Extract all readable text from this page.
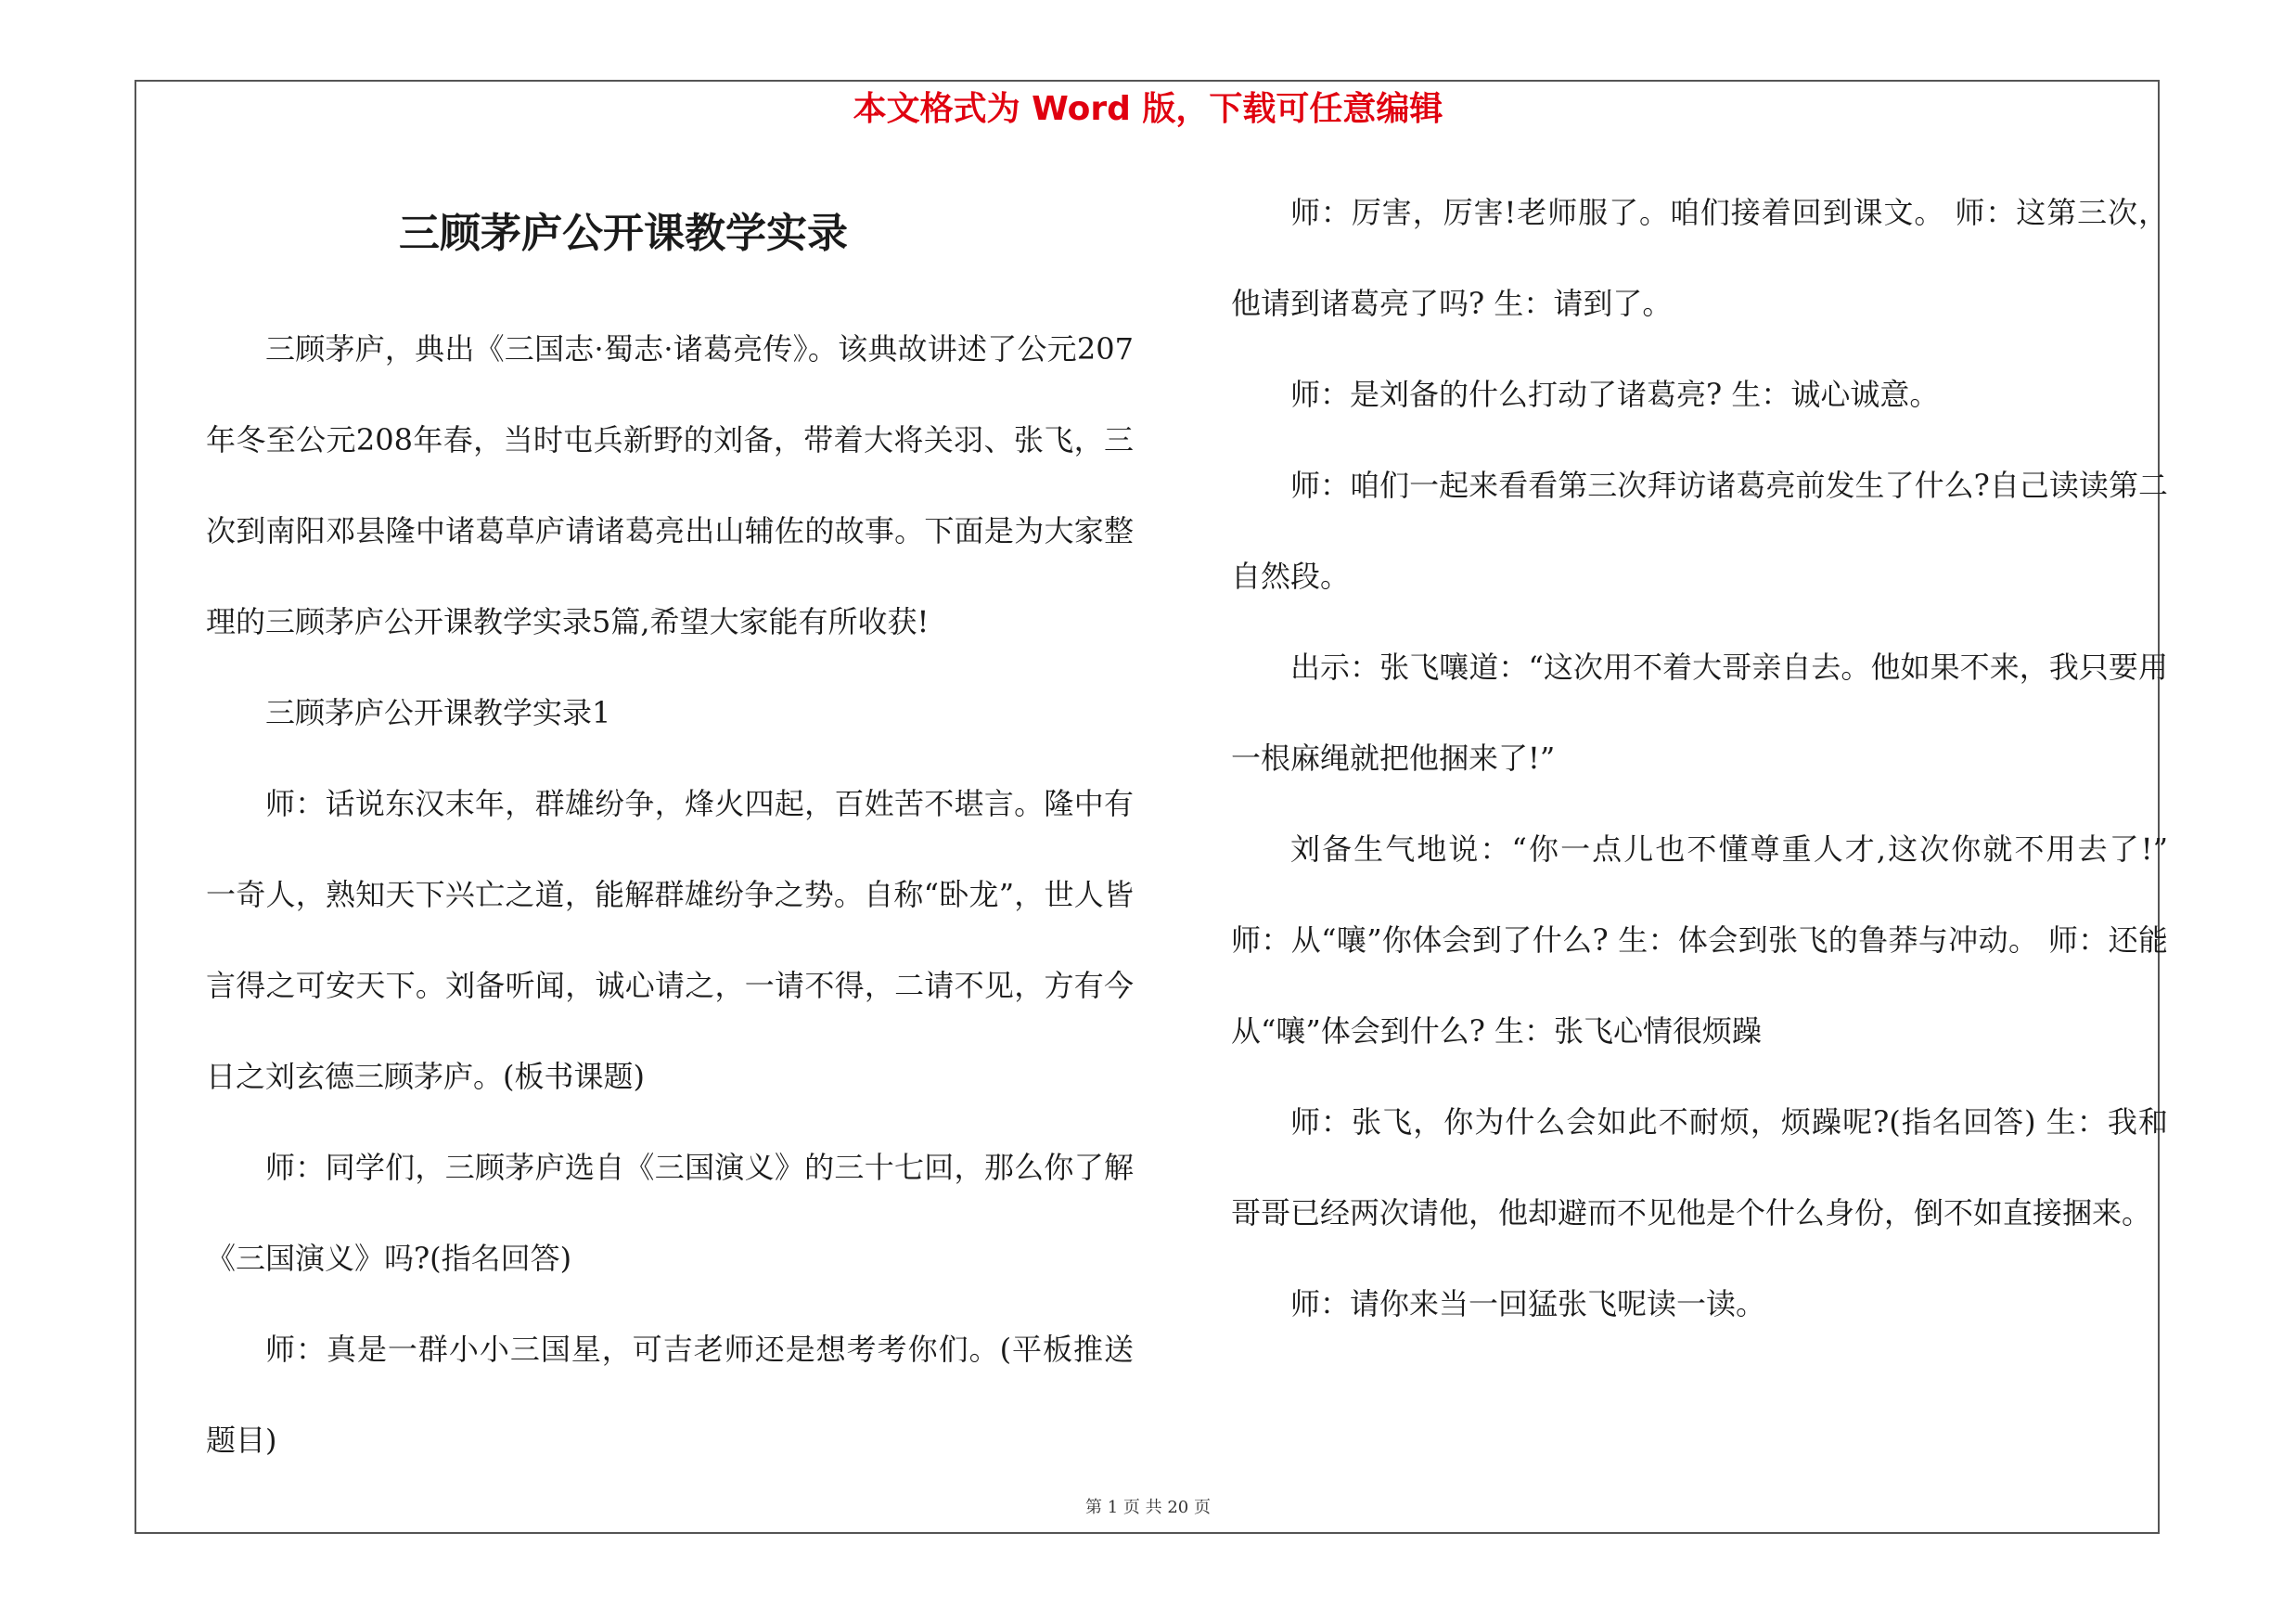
本文格式为 Word 版，下载可任意编辑
三顾茅庐公开课教学实录

三顾茅庐，典出《三国志·蜀志·诸葛亮传》。该典故讲述了公元207年冬至公元208年春，当时屯兵新野的刘备，带着大将关羽、张飞，三次到南阳邓县隆中诸葛草庐请诸葛亮出山辅佐的故事。下面是为大家整理的三顾茅庐公开课教学实录5篇,希望大家能有所收获!

三顾茅庐公开课教学实录1

师：话说东汉末年，群雄纷争，烽火四起，百姓苦不堪言。隆中有一奇人，熟知天下兴亡之道，能解群雄纷争之势。自称“卧龙”，世人皆言得之可安天下。刘备听闻，诚心请之，一请不得，二请不见，方有今日之刘玄德三顾茅庐。(板书课题)

师：同学们，三顾茅庐选自《三国演义》的三十七回，那么你了解《三国演义》吗?(指名回答)

师：真是一群小小三国星，可吉老师还是想考考你们。(平板推送题目)

师：厉害，厉害!老师服了。咱们接着回到课文。 师：这第三次，他请到诸葛亮了吗? 生：请到了。

师：是刘备的什么打动了诸葛亮? 生：诚心诚意。

师：咱们一起来看看第三次拜访诸葛亮前发生了什么?自己读读第二自然段。

出示：张飞嚷道：“这次用不着大哥亲自去。他如果不来，我只要用一根麻绳就把他捆来了!”

刘备生气地说：“你一点儿也不懂尊重人才,这次你就不用去了!” 师：从“嚷”你体会到了什么? 生：体会到张飞的鲁莽与冲动。 师：还能从“嚷”体会到什么? 生：张飞心情很烦躁

师：张飞，你为什么会如此不耐烦，烦躁呢?(指名回答) 生：我和哥哥已经两次请他，他却避而不见他是个什么身份，倒不如直接捆来。

师：请你来当一回猛张飞呢读一读。

第 1 页 共 20 页
